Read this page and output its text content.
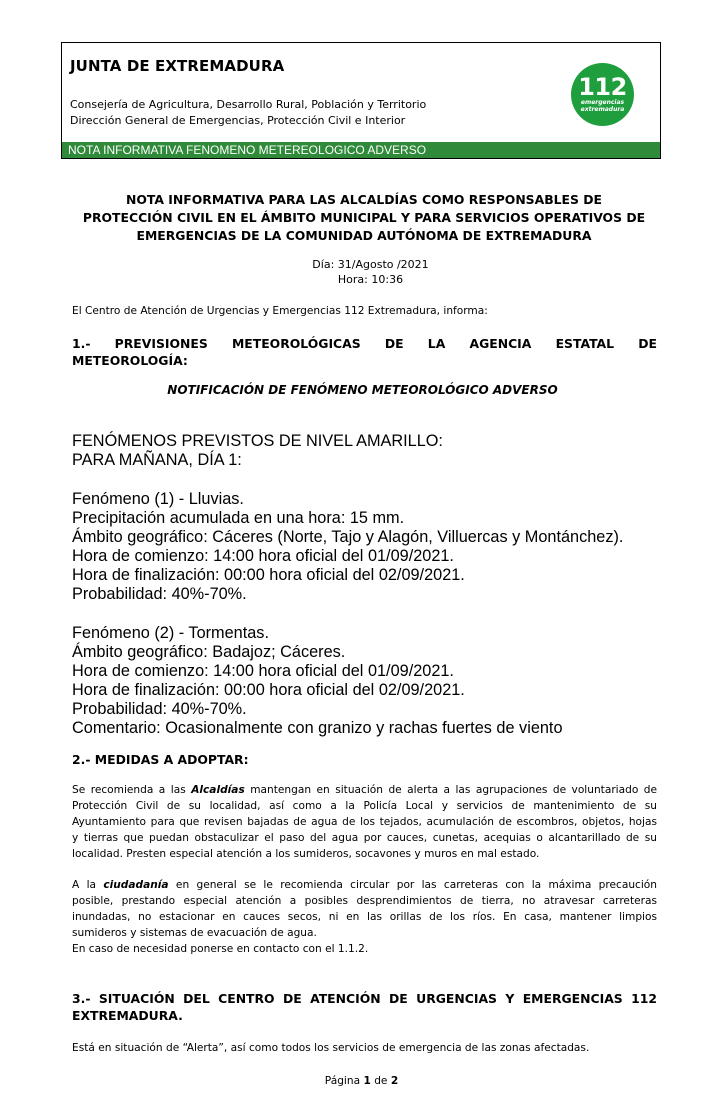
JUNTA DE EXTREMADURA
Consejería de Agricultura, Desarrollo Rural, Población y Territorio
Dirección General de Emergencias, Protección Civil e Interior
112
emergencias
extremadura
NOTA INFORMATIVA FENOMENO METEREOLOGICO ADVERSO
NOTA INFORMATIVA PARA LAS ALCALDÍAS COMO RESPONSABLES DE
PROTECCIÓN CIVIL EN EL ÁMBITO MUNICIPAL Y PARA SERVICIOS OPERATIVOS DE
EMERGENCIAS DE LA COMUNIDAD AUTÓNOMA DE EXTREMADURA
Día: 31/Agosto /2021
Hora: 10:36
El Centro de Atención de Urgencias y Emergencias 112 Extremadura, informa:
1.- PREVISIONES METEOROLÓGICAS DE LA AGENCIA ESTATAL DE
METEOROLOGÍA:
NOTIFICACIÓN DE FENÓMENO METEOROLÓGICO ADVERSO
FENÓMENOS PREVISTOS DE NIVEL AMARILLO:
PARA MAÑANA, DÍA 1:
Fenómeno (1) - Lluvias.
Precipitación acumulada en una hora: 15 mm.
Ámbito geográfico: Cáceres (Norte, Tajo y Alagón, Villuercas y Montánchez).
Hora de comienzo: 14:00 hora oficial del 01/09/2021.
Hora de finalización: 00:00 hora oficial del 02/09/2021.
Probabilidad: 40%-70%.
Fenómeno (2) - Tormentas.
Ámbito geográfico: Badajoz; Cáceres.
Hora de comienzo: 14:00 hora oficial del 01/09/2021.
Hora de finalización: 00:00 hora oficial del 02/09/2021.
Probabilidad: 40%-70%.
Comentario: Ocasionalmente con granizo y rachas fuertes de viento
2.- MEDIDAS A ADOPTAR:
Se recomienda a las Alcaldías mantengan en situación de alerta a las agrupaciones de voluntariado de
Protección Civil de su localidad, así como a la Policía Local y servicios de mantenimiento de su
Ayuntamiento para que revisen bajadas de agua de los tejados, acumulación de escombros, objetos, hojas
y tierras que puedan obstaculizar el paso del agua por cauces, cunetas, acequias o alcantarillado de su
localidad. Presten especial atención a los sumideros, socavones y muros en mal estado.
A la ciudadanía en general se le recomienda circular por las carreteras con la máxima precaución
posible, prestando especial atención a posibles desprendimientos de tierra, no atravesar carreteras
inundadas, no estacionar en cauces secos, ni en las orillas de los ríos. En casa, mantener limpios
sumideros y sistemas de evacuación de agua.
En caso de necesidad ponerse en contacto con el 1.1.2.
3.- SITUACIÓN DEL CENTRO DE ATENCIÓN DE URGENCIAS Y EMERGENCIAS 112
EXTREMADURA.
Está en situación de “Alerta”, así como todos los servicios de emergencia de las zonas afectadas.
Página 1 de 2
